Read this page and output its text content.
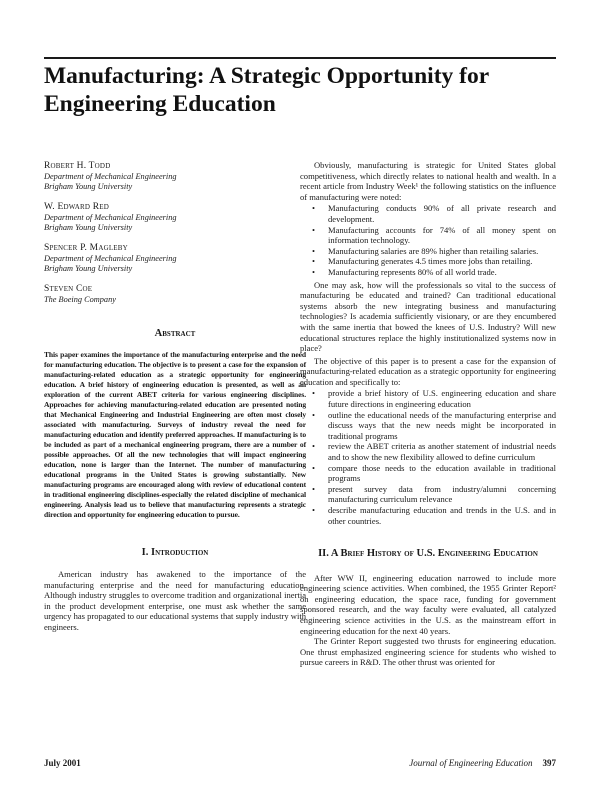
Manufacturing: A Strategic Opportunity for Engineering Education
Robert H. Todd
Department of Mechanical Engineering
Brigham Young University
W. Edward Red
Department of Mechanical Engineering
Brigham Young University
Spencer P. Magleby
Department of Mechanical Engineering
Brigham Young University
Steven Coe
The Boeing Company
Abstract
This paper examines the importance of the manufacturing enterprise and the need for manufacturing education. The objective is to present a case for the expansion of manufacturing-related education as a strategic opportunity for engineering education. A brief history of engineering education is presented, as well as an exploration of the current ABET criteria for various engineering disciplines. Approaches for achieving manufacturing-related education are presented noting that Mechanical Engineering and Industrial Engineering are often most closely associated with manufacturing. Surveys of industry reveal the need for manufacturing education and identify preferred approaches. If manufacturing is to be included as part of a mechanical engineering program, there are a number of possible approaches. Of all the new technologies that will impact engineering education, none is larger than the Internet. The number of manufacturing educational programs in the United States is growing substantially. New manufacturing programs are encouraged along with review of educational content in traditional engineering disciplines-especially the related discipline of mechanical engineering. Analysis lead us to believe that manufacturing represents a strategic direction and opportunity for engineering education to pursue.
I. Introduction

American industry has awakened to the importance of the manufacturing enterprise and the need for manufacturing education. Although industry struggles to overcome tradition and organizational inertia in the product development enterprise, one must ask whether the same urgency has propagated to our educational systems that supply industry with engineers.

Obviously, manufacturing is strategic for United States global competitiveness, which directly relates to national health and wealth. In a recent article from Industry Week¹ the following statistics on the influence of manufacturing were noted:

• Manufacturing conducts 90% of all private research and development.
• Manufacturing accounts for 74% of all money spent on information technology.
• Manufacturing salaries are 89% higher than retailing salaries.
• Manufacturing generates 4.5 times more jobs than retailing.
• Manufacturing represents 80% of all world trade.

One may ask, how will the professionals so vital to the success of manufacturing be educated and trained? Can traditional educational systems absorb the new integrating business and manufacturing technologies? Is academia sufficiently visionary, or are they encumbered with the same inertia that bowed the knees of U.S. Industry? Will new educational structures replace the highly institutionalized systems now in place?

The objective of this paper is to present a case for the expansion of manufacturing-related education as a strategic opportunity for engineering education and specifically to:

• provide a brief history of U.S. engineering education and share future directions in engineering education
• outline the educational needs of the manufacturing enterprise and discuss ways that the new needs might be incorporated in traditional programs
• review the ABET criteria as another statement of industrial needs and to show the new flexibility allowed to define curriculum
• compare those needs to the education available in traditional programs
• present survey data from industry/alumni concerning manufacturing curriculum relevance
• describe manufacturing education and trends in the U.S. and in other countries.
II. A Brief History of U.S. Engineering Education

After WW II, engineering education narrowed to include more engineering science activities. When combined, the 1955 Grinter Report² on engineering education, the space race, funding for government sponsored research, and the way faculty were evaluated, all catalyzed engineering science activities in the U.S. as the mainstream effort in engineering education for the next 40 years.

The Grinter Report suggested two thrusts for engineering education. One thrust emphasized engineering science for students who wished to pursue careers in R&D. The other thrust was oriented for

July 2001	Journal of Engineering Education 397
